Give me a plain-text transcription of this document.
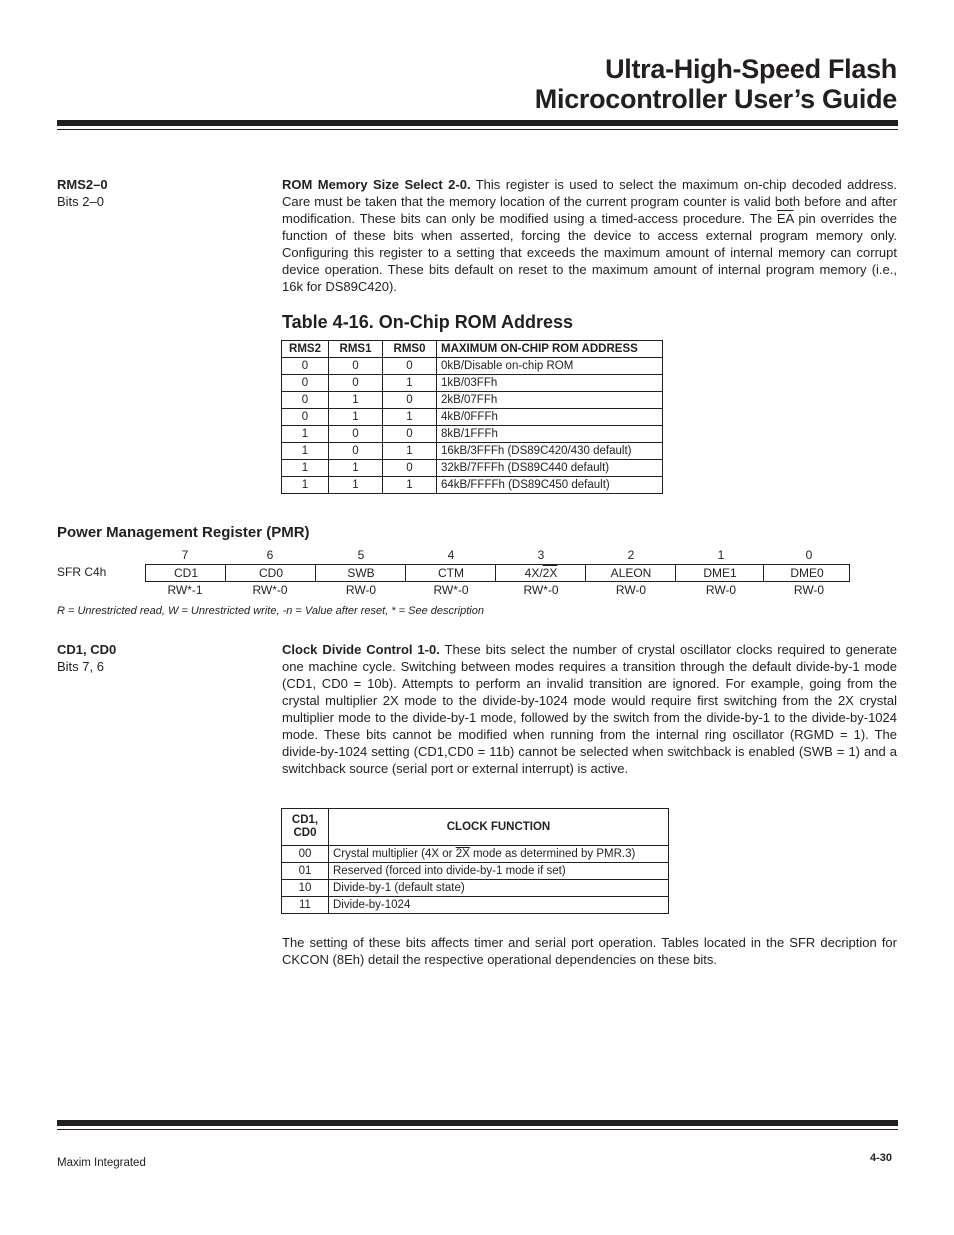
Ultra-High-Speed Flash
Microcontroller User’s Guide
RMS2–0
Bits 2–0
ROM Memory Size Select 2-0. This register is used to select the maximum on-chip decoded address. Care must be taken that the memory location of the current program counter is valid both before and after modification. These bits can only be modified using a timed-access procedure. The $\overline{EA}$ pin overrides the function of these bits when asserted, forcing the device to access external program memory only. Configuring this register to a setting that exceeds the maximum amount of internal memory can corrupt device operation. These bits default on reset to the maximum amount of internal program memory (i.e., 16k for DS89C420).
Table 4-16. On-Chip ROM Address
RMS2	RMS1	RMS0	MAXIMUM ON-CHIP ROM ADDRESS
0	0	0	0kB/Disable on-chip ROM
0	0	1	1kB/03FFh
0	1	0	2kB/07FFh
0	1	1	4kB/0FFFh
1	0	0	8kB/1FFFh
1	0	1	16kB/3FFFh (DS89C420/430 default)
1	1	0	32kB/7FFFh (DS89C440 default)
1	1	1	64kB/FFFFh (DS89C450 default)
Power Management Register (PMR)
7	6	5	4	3	2	1	0
SFR C4h	CD1	CD0	SWB	CTM	4X/2X	ALEON	DME1	DME0
RW*-1	RW*-0	RW-0	RW*-0	RW*-0	RW-0	RW-0	RW-0
R = Unrestricted read, W = Unrestricted write, -n = Value after reset, * = See description
CD1, CD0
Bits 7, 6
Clock Divide Control 1-0. These bits select the number of crystal oscillator clocks required to generate one machine cycle. Switching between modes requires a transition through the default divide-by-1 mode (CD1, CD0 = 10b). Attempts to perform an invalid transition are ignored. For example, going from the crystal multiplier 2X mode to the divide-by-1024 mode would require first switching from the 2X crystal multiplier mode to the divide-by-1 mode, followed by the switch from the divide-by-1 to the divide-by-1024 mode. These bits cannot be modified when running from the internal ring oscillator (RGMD = 1). The divide-by-1024 setting (CD1,CD0 = 11b) cannot be selected when switchback is enabled (SWB = 1) and a switchback source (serial port or external interrupt) is active.
CD1,
CD0	CLOCK FUNCTION
00	Crystal multiplier (4X or 2X mode as determined by PMR.3)
01	Reserved (forced into divide-by-1 mode if set)
10	Divide-by-1 (default state)
11	Divide-by-1024
The setting of these bits affects timer and serial port operation. Tables located in the SFR decription for CKCON (8Eh) detail the respective operational dependencies on these bits.
Maxim Integrated	4-30
